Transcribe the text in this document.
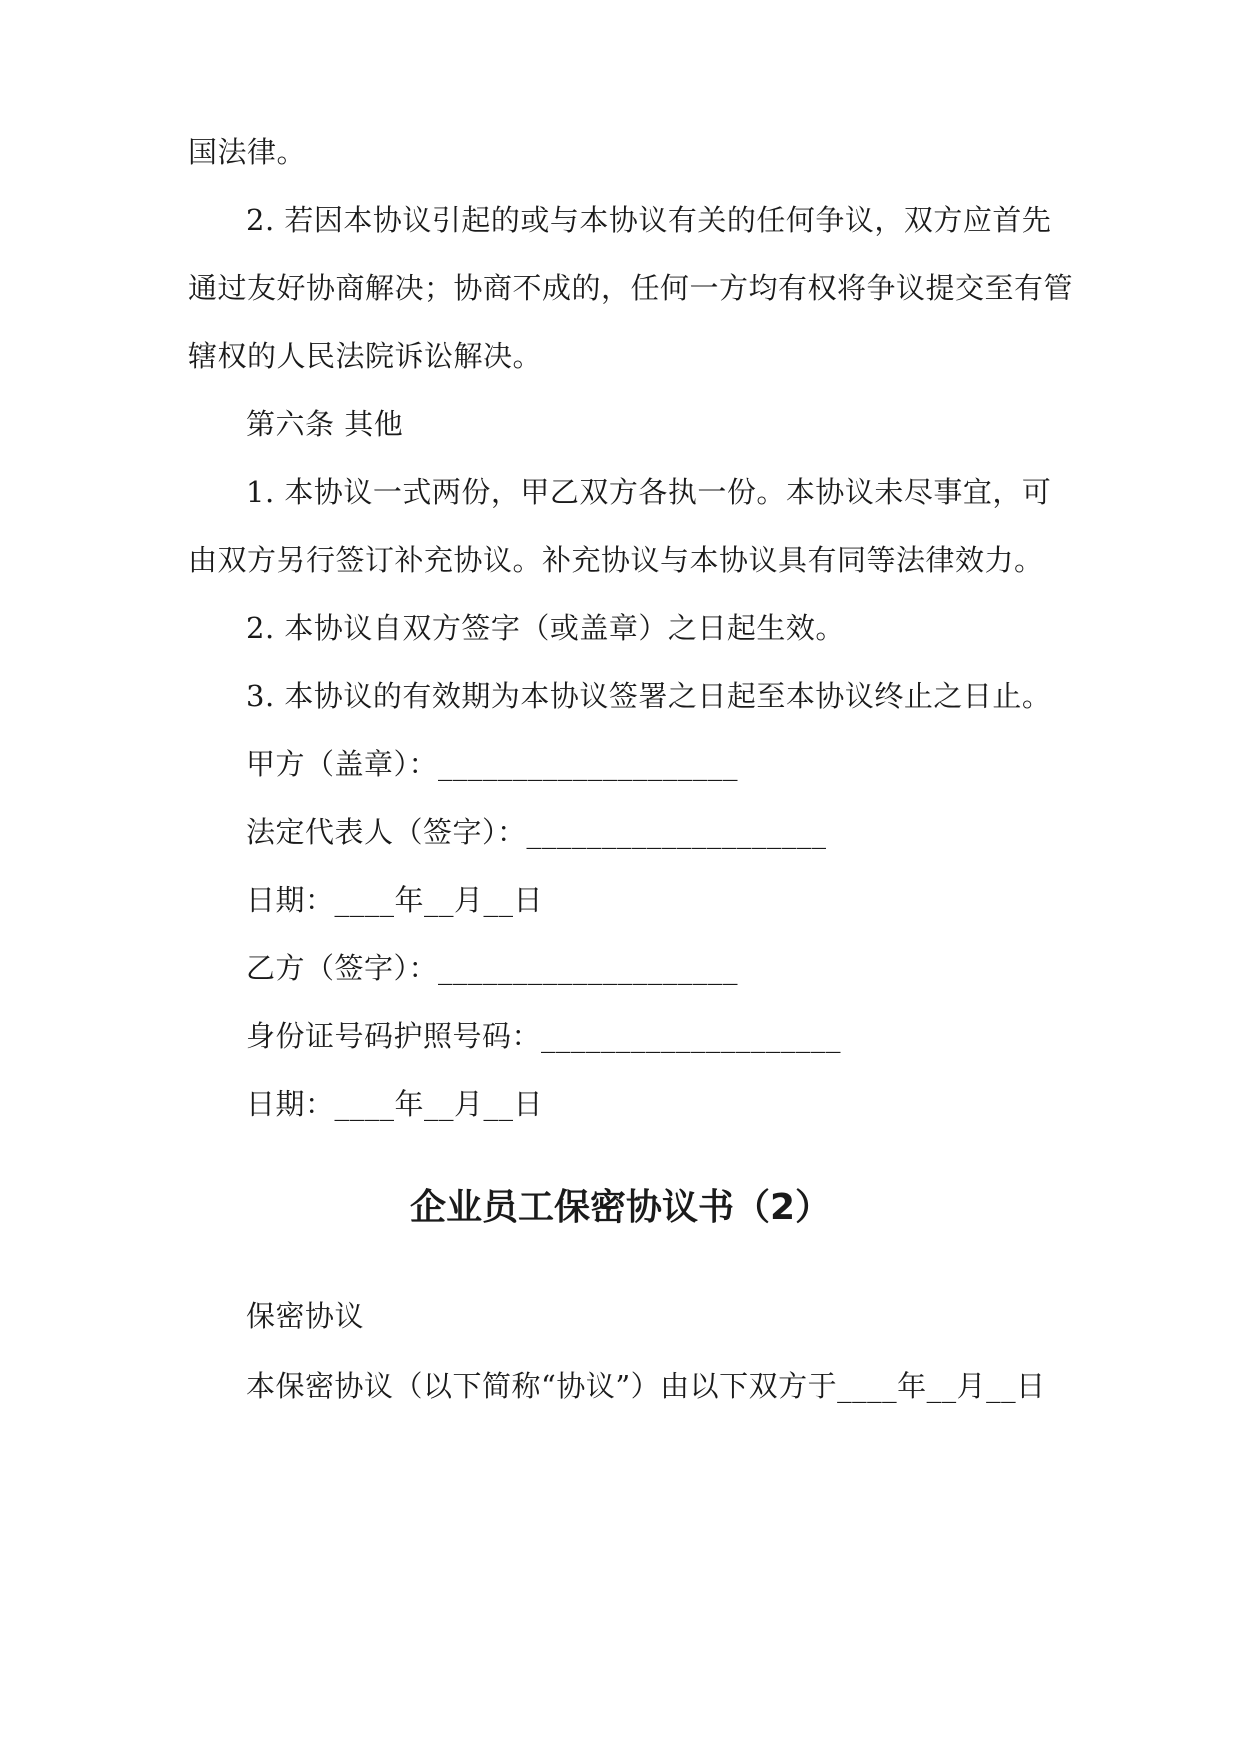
国法律。
2. 若因本协议引起的或与本协议有关的任何争议，双方应首先
通过友好协商解决；协商不成的，任何一方均有权将争议提交至有管
辖权的人民法院诉讼解决。
第六条 其他
1. 本协议一式两份，甲乙双方各执一份。本协议未尽事宜，可
由双方另行签订补充协议。补充协议与本协议具有同等法律效力。
2. 本协议自双方签字（或盖章）之日起生效。
3. 本协议的有效期为本协议签署之日起至本协议终止之日止。
甲方（盖章）：____________________
法定代表人（签字）：____________________
日期：____年__月__日
乙方（签字）：____________________
身份证号码护照号码：____________________
日期：____年__月__日
企业员工保密协议书（2）
保密协议
本保密协议（以下简称“协议”）由以下双方于____年__月__日
